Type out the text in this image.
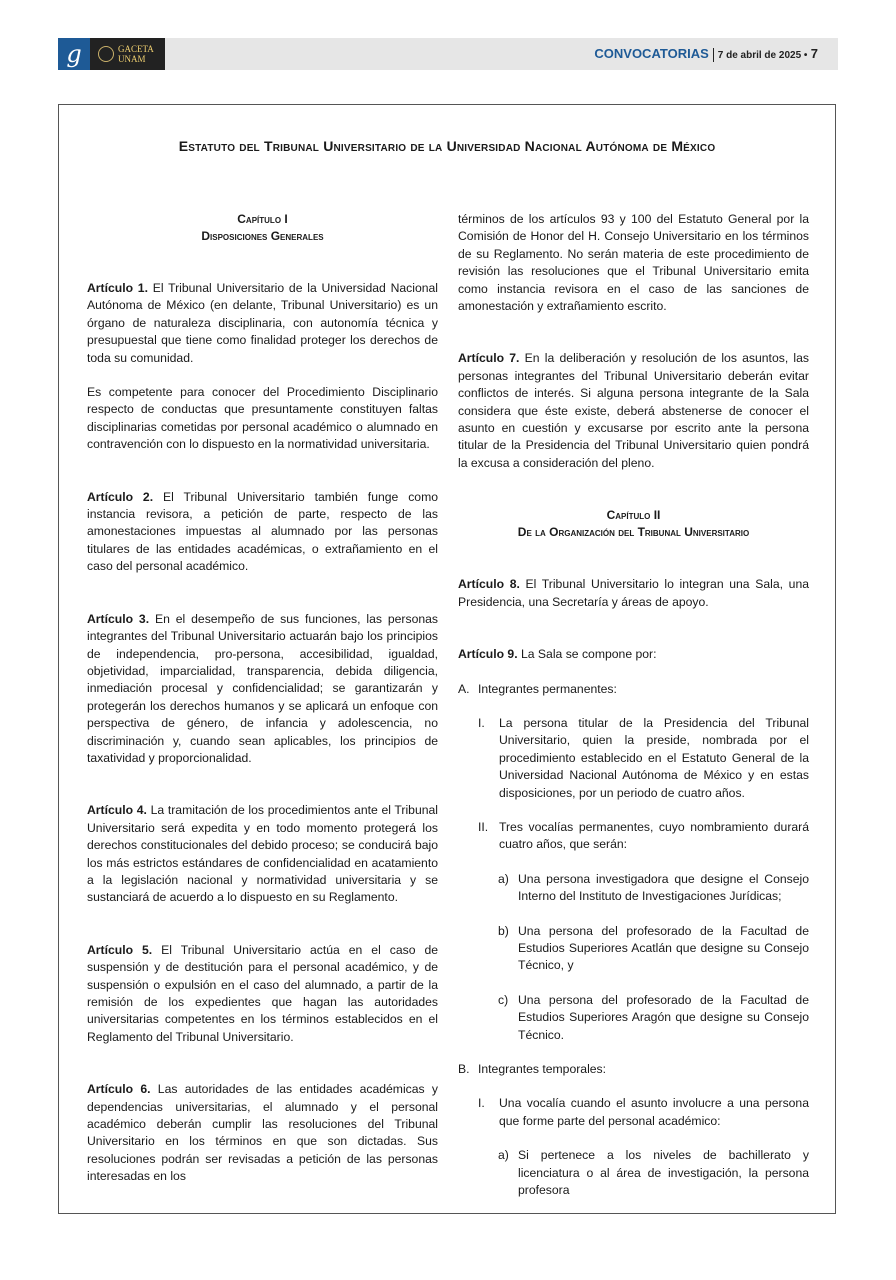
g	GACETA
UNAM	CONVOCATORIAS 7 de abril de 2025 • 7
Estatuto del Tribunal Universitario de la Universidad Nacional Autónoma de México
Capítulo I
Disposiciones Generales

Artículo 1. El Tribunal Universitario de la Universidad Nacional Autónoma de México (en delante, Tribunal Universitario) es un órgano de naturaleza disciplinaria, con autonomía técnica y presupuestal que tiene como finalidad proteger los derechos de toda su comunidad.

Es competente para conocer del Procedimiento Disciplinario respecto de conductas que presuntamente constituyen faltas disciplinarias cometidas por personal académico o alumnado en contravención con lo dispuesto en la normatividad universitaria.

Artículo 2. El Tribunal Universitario también funge como instancia revisora, a petición de parte, respecto de las amonestaciones impuestas al alumnado por las personas titulares de las entidades académicas, o extrañamiento en el caso del personal académico.

Artículo 3. En el desempeño de sus funciones, las personas integrantes del Tribunal Universitario actuarán bajo los principios de independencia, pro-persona, accesibilidad, igualdad, objetividad, imparcialidad, transparencia, debida diligencia, inmediación procesal y confidencialidad; se garantizarán y protegerán los derechos humanos y se aplicará un enfoque con perspectiva de género, de infancia y adolescencia, no discriminación y, cuando sean aplicables, los principios de taxatividad y proporcionalidad.

Artículo 4. La tramitación de los procedimientos ante el Tribunal Universitario será expedita y en todo momento protegerá los derechos constitucionales del debido proceso; se conducirá bajo los más estrictos estándares de confidencialidad en acatamiento a la legislación nacional y normatividad universitaria y se sustanciará de acuerdo a lo dispuesto en su Reglamento.

Artículo 5. El Tribunal Universitario actúa en el caso de suspensión y de destitución para el personal académico, y de suspensión o expulsión en el caso del alumnado, a partir de la remisión de los expedientes que hagan las autoridades universitarias competentes en los términos establecidos en el Reglamento del Tribunal Universitario.

Artículo 6. Las autoridades de las entidades académicas y dependencias universitarias, el alumnado y el personal académico deberán cumplir las resoluciones del Tribunal Universitario en los términos en que son dictadas. Sus resoluciones podrán ser revisadas a petición de las personas interesadas en los

términos de los artículos 93 y 100 del Estatuto General por la Comisión de Honor del H. Consejo Universitario en los términos de su Reglamento. No serán materia de este procedimiento de revisión las resoluciones que el Tribunal Universitario emita como instancia revisora en el caso de las sanciones de amonestación y extrañamiento escrito.

Artículo 7. En la deliberación y resolución de los asuntos, las personas integrantes del Tribunal Universitario deberán evitar conflictos de interés. Si alguna persona integrante de la Sala considera que éste existe, deberá abstenerse de conocer el asunto en cuestión y excusarse por escrito ante la persona titular de la Presidencia del Tribunal Universitario quien pondrá la excusa a consideración del pleno.

Capítulo II
De la Organización del Tribunal Universitario

Artículo 8. El Tribunal Universitario lo integran una Sala, una Presidencia, una Secretaría y áreas de apoyo.

Artículo 9. La Sala se compone por:

A. Integrantes permanentes:
I. La persona titular de la Presidencia del Tribunal Universitario, quien la preside, nombrada por el procedimiento establecido en el Estatuto General de la Universidad Nacional Autónoma de México y en estas disposiciones, por un periodo de cuatro años.
II. Tres vocalías permanentes, cuyo nombramiento durará cuatro años, que serán:
a) Una persona investigadora que designe el Consejo Interno del Instituto de Investigaciones Jurídicas;
b) Una persona del profesorado de la Facultad de Estudios Superiores Acatlán que designe su Consejo Técnico, y
c) Una persona del profesorado de la Facultad de Estudios Superiores Aragón que designe su Consejo Técnico.
B. Integrantes temporales:
I. Una vocalía cuando el asunto involucre a una persona que forme parte del personal académico:
a) Si pertenece a los niveles de bachillerato y licenciatura o al área de investigación, la persona profesora
